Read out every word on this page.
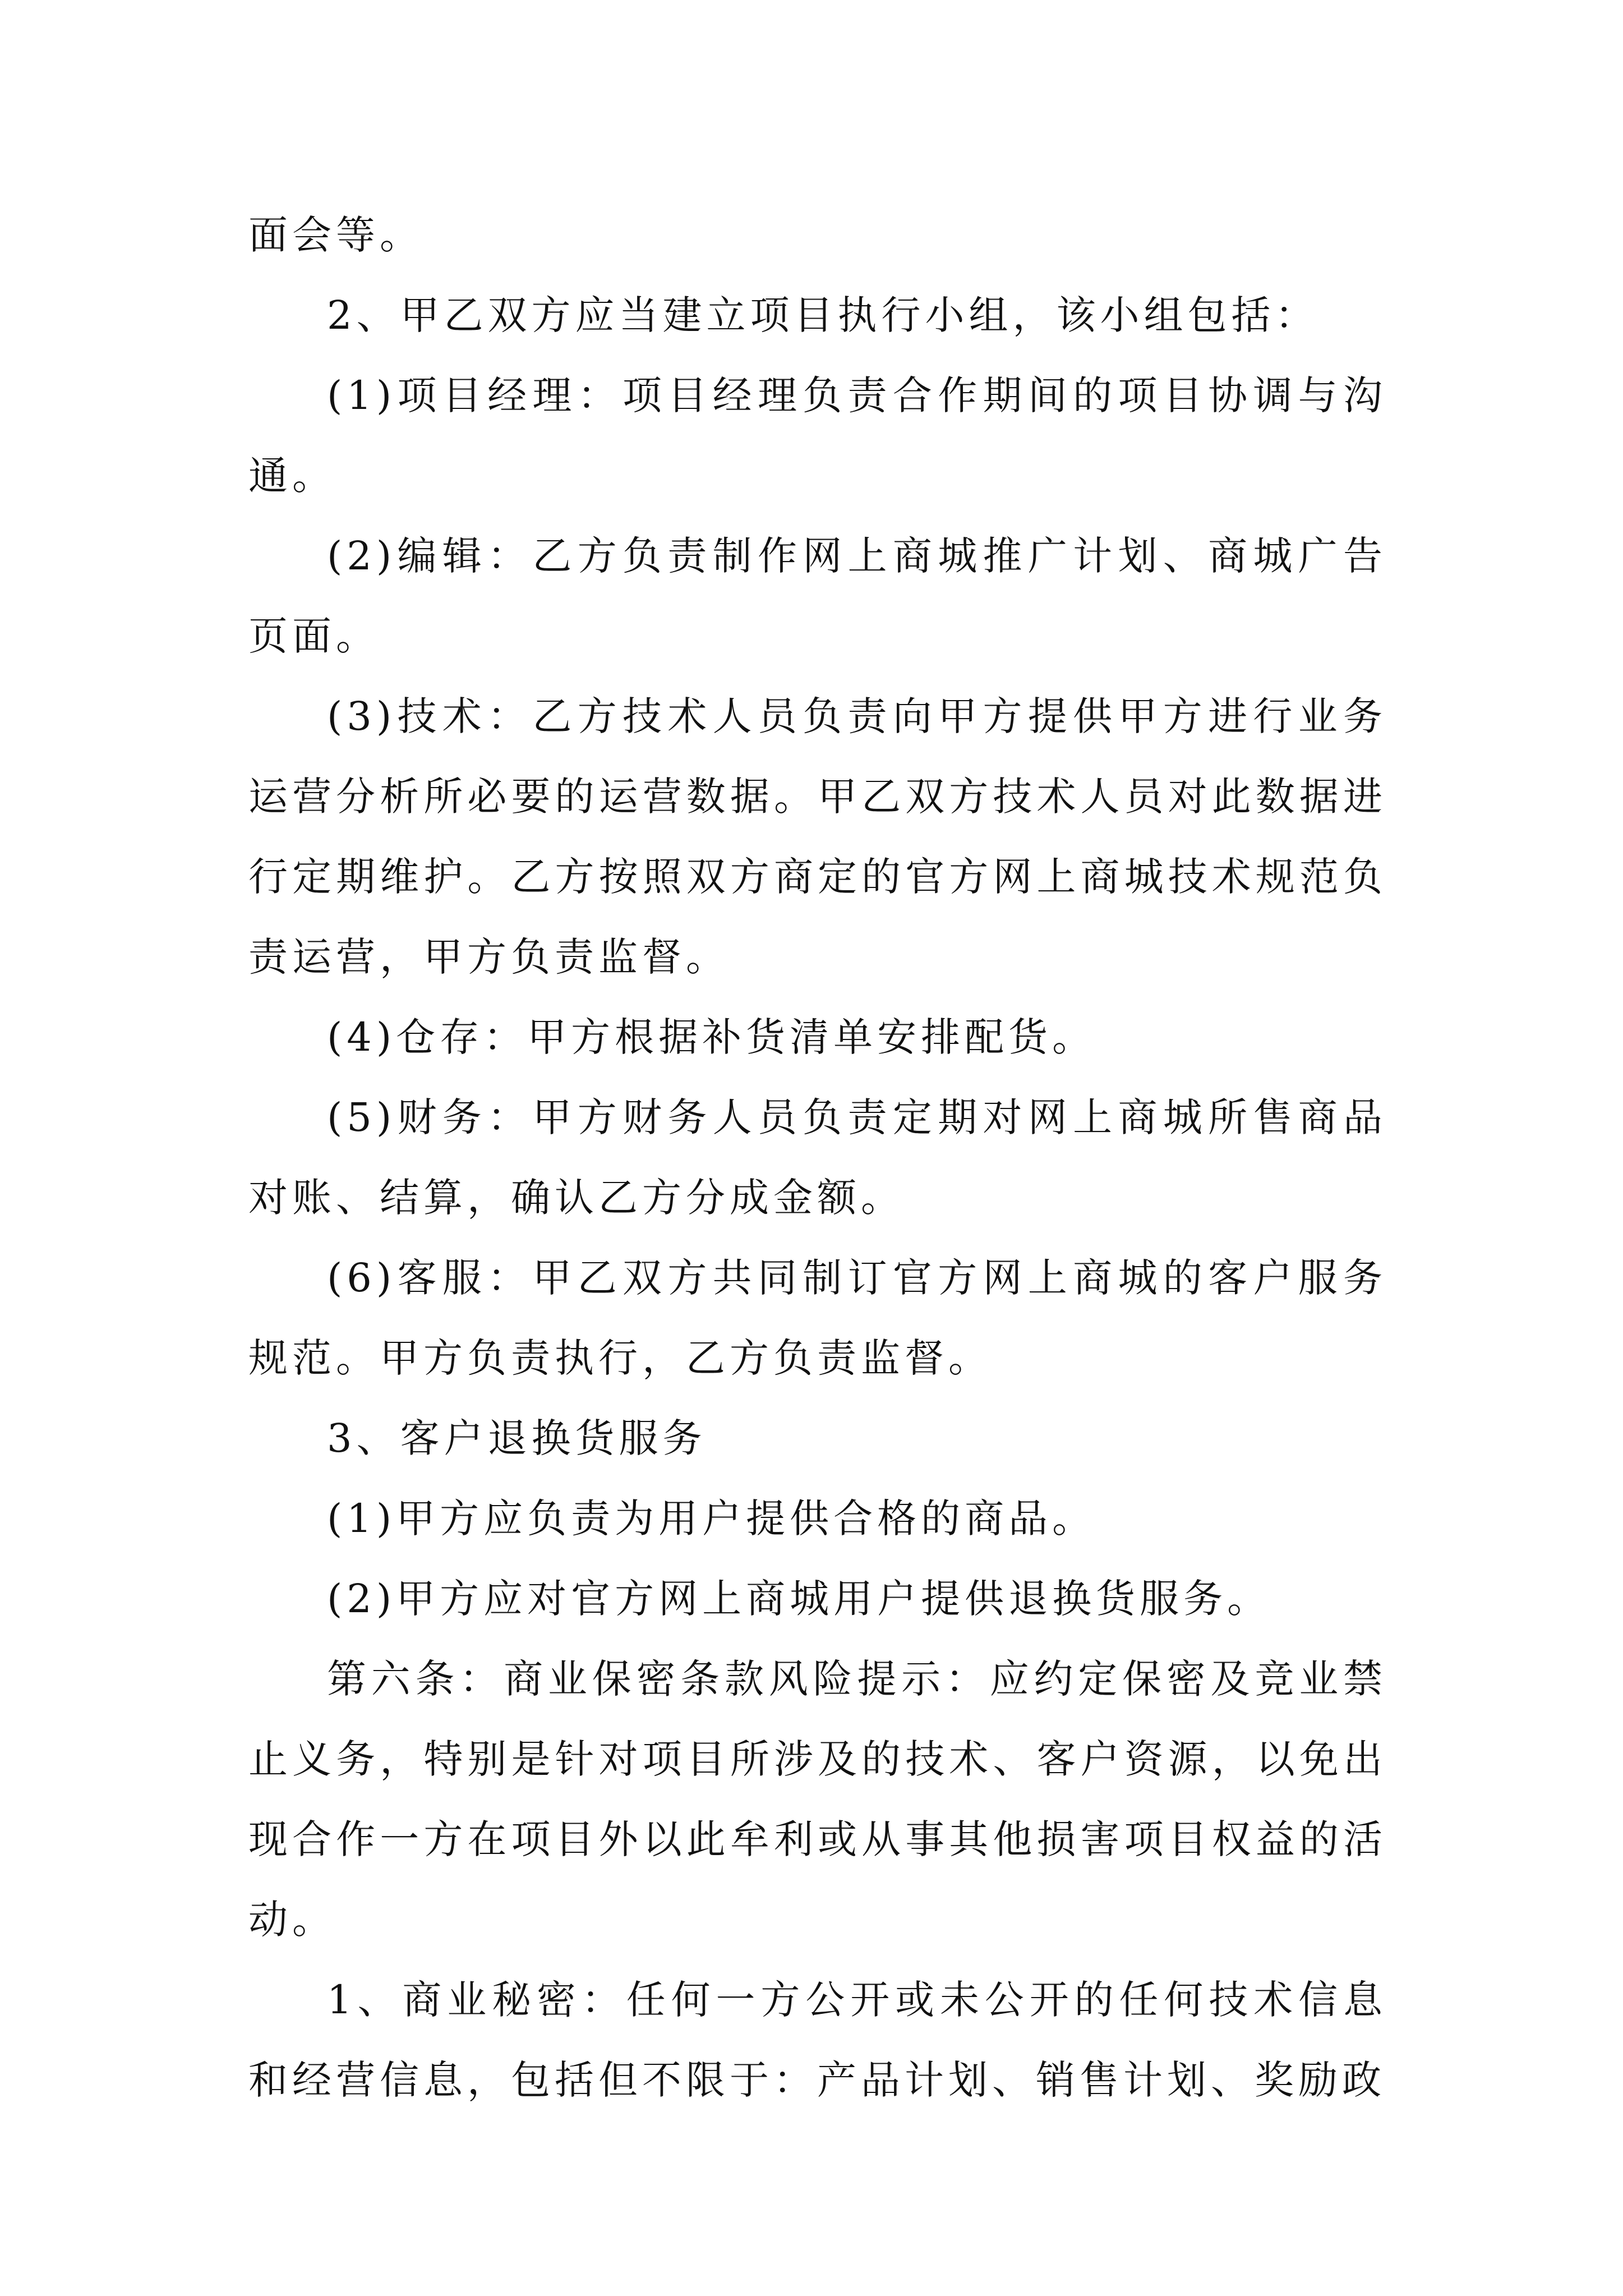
面会等。

2、甲乙双方应当建立项目执行小组，该小组包括：

(1)项目经理：项目经理负责合作期间的项目协调与沟通。

(2)编辑：乙方负责制作网上商城推广计划、商城广告页面。

(3)技术：乙方技术人员负责向甲方提供甲方进行业务运营分析所必要的运营数据。甲乙双方技术人员对此数据进行定期维护。乙方按照双方商定的官方网上商城技术规范负责运营，甲方负责监督。

(4)仓存：甲方根据补货清单安排配货。

(5)财务：甲方财务人员负责定期对网上商城所售商品对账、结算，确认乙方分成金额。

(6)客服：甲乙双方共同制订官方网上商城的客户服务规范。甲方负责执行，乙方负责监督。

3、客户退换货服务

(1)甲方应负责为用户提供合格的商品。

(2)甲方应对官方网上商城用户提供退换货服务。

第六条：商业保密条款风险提示：应约定保密及竞业禁止义务，特别是针对项目所涉及的技术、客户资源，以免出现合作一方在项目外以此牟利或从事其他损害项目权益的活动。

1、商业秘密：任何一方公开或未公开的任何技术信息和经营信息，包括但不限于：产品计划、销售计划、奖励政
